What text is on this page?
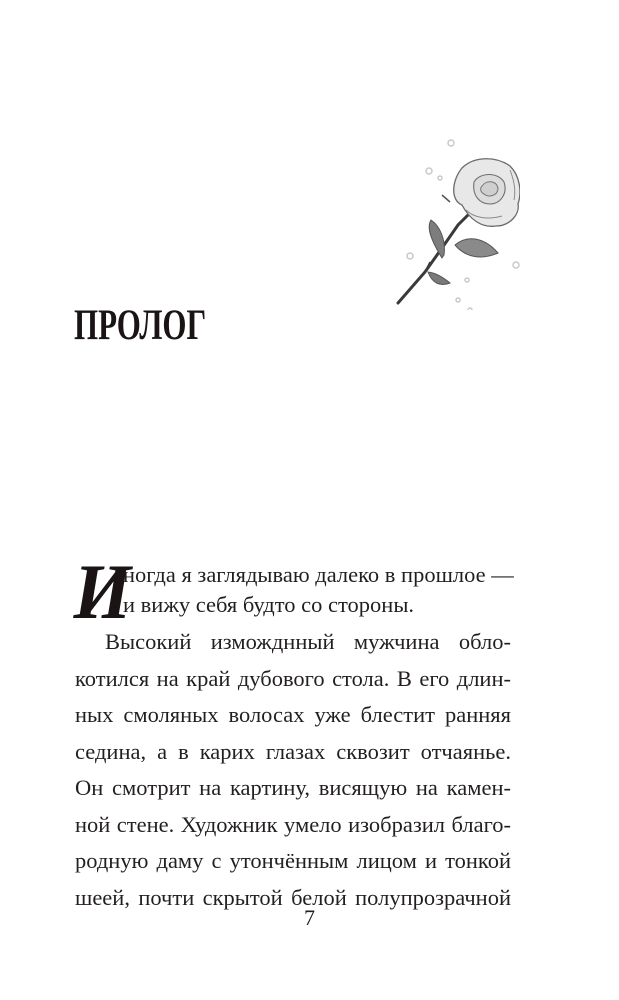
ПРОЛОГ
И
ногда я заглядываю далеко в прошлое —
и вижу себя будто со стороны.
Высокий изможднный мужчина обло-
котился на край дубового стола. В его длин-
ных смоляных волосах уже блестит ранняя
седина, а в карих глазах сквозит отчаянье.
Он смотрит на картину, висящую на камен-
ной стене. Художник умело изобразил благо-
родную даму с утончённым лицом и тонкой
шеей, почти скрытой белой полупрозрачной
7
